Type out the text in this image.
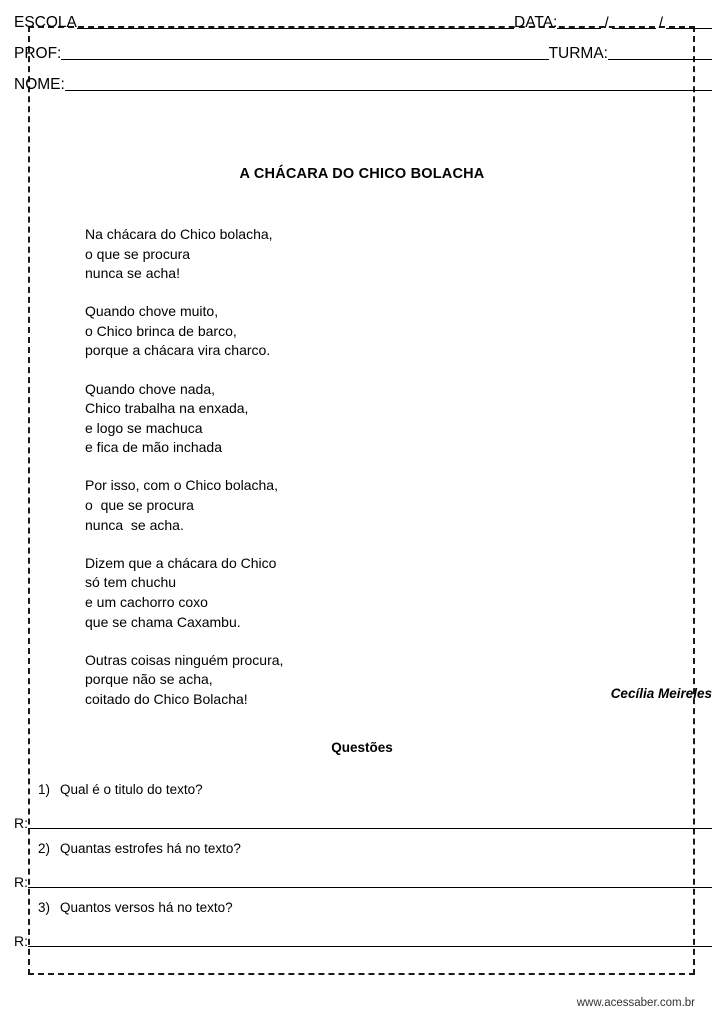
ESCOLA	DATA:	/	/
PROF:	TURMA:
NOME:
A CHÁCARA DO CHICO BOLACHA
Na chácara do Chico bolacha,
o que se procura
nunca se acha!
Quando chove muito,
o Chico brinca de barco,
porque a chácara vira charco.
Quando chove nada,
Chico trabalha na enxada,
e logo se machuca
e fica de mão inchada
Por isso, com o Chico bolacha,
o  que se procura
nunca  se acha.
Dizem que a chácara do Chico
só tem chuchu
e um cachorro coxo
que se chama Caxambu.
Outras coisas ninguém procura,
porque não se acha,
coitado do Chico Bolacha!	Cecília Meireles
Questões
1) Qual é o titulo do texto?
R:
2) Quantas estrofes há no texto?
R:
3) Quantos versos há no texto?
R:
www.acessaber.com.br
